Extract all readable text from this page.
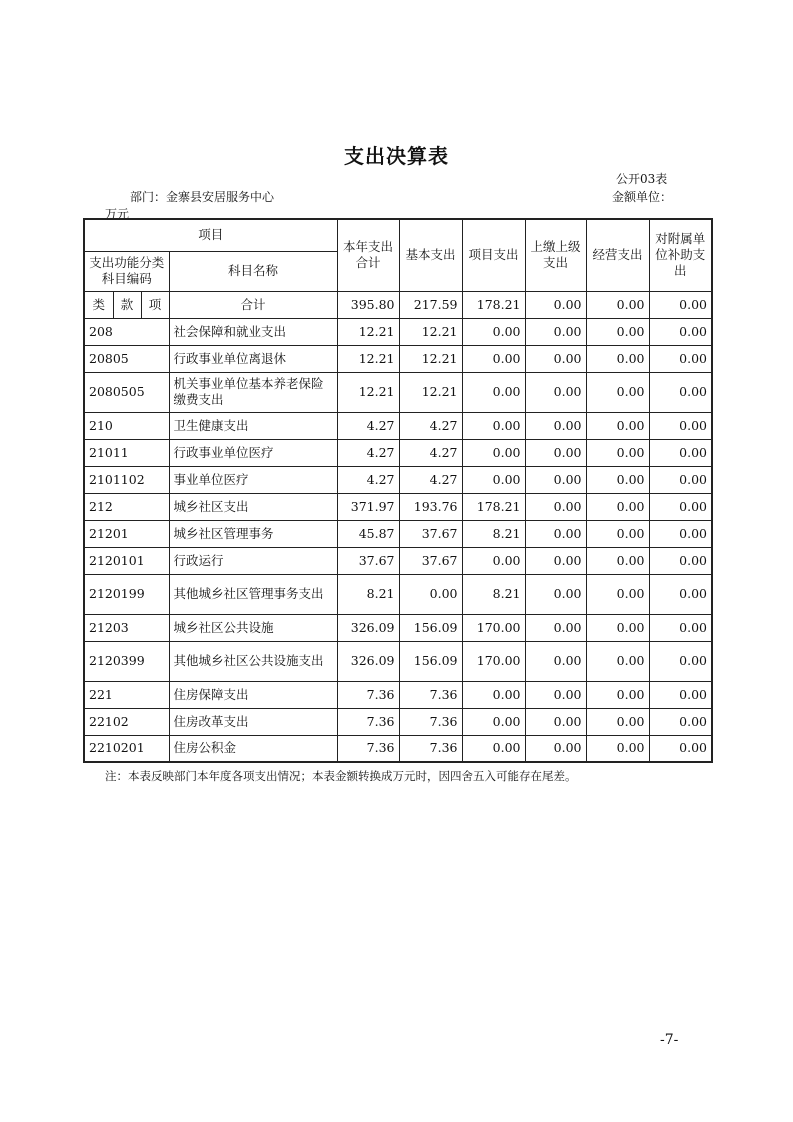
支出决算表
公开03表
部门：金寨县安居服务中心	金额单位：
万元
项目				本年支出合计	基本支出	项目支出	上缴上级支出	经营支出	对附属单位补助支出
支出功能分类科目编码			科目名称						
类	款	项	合计	395.80	217.59	178.21	0.00	0.00	0.00
208			社会保障和就业支出	12.21	12.21	0.00	0.00	0.00	0.00
20805			行政事业单位离退休	12.21	12.21	0.00	0.00	0.00	0.00
2080505			机关事业单位基本养老保险缴费支出	12.21	12.21	0.00	0.00	0.00	0.00
210			卫生健康支出	4.27	4.27	0.00	0.00	0.00	0.00
21011			行政事业单位医疗	4.27	4.27	0.00	0.00	0.00	0.00
2101102			事业单位医疗	4.27	4.27	0.00	0.00	0.00	0.00
212			城乡社区支出	371.97	193.76	178.21	0.00	0.00	0.00
21201			城乡社区管理事务	45.87	37.67	8.21	0.00	0.00	0.00
2120101			行政运行	37.67	37.67	0.00	0.00	0.00	0.00
2120199			其他城乡社区管理事务支出	8.21	0.00	8.21	0.00	0.00	0.00
21203			城乡社区公共设施	326.09	156.09	170.00	0.00	0.00	0.00
2120399			其他城乡社区公共设施支出	326.09	156.09	170.00	0.00	0.00	0.00
221			住房保障支出	7.36	7.36	0.00	0.00	0.00	0.00
22102			住房改革支出	7.36	7.36	0.00	0.00	0.00	0.00
2210201			住房公积金	7.36	7.36	0.00	0.00	0.00	0.00
注：本表反映部门本年度各项支出情况；本表金额转换成万元时，因四舍五入可能存在尾差。
-7-
